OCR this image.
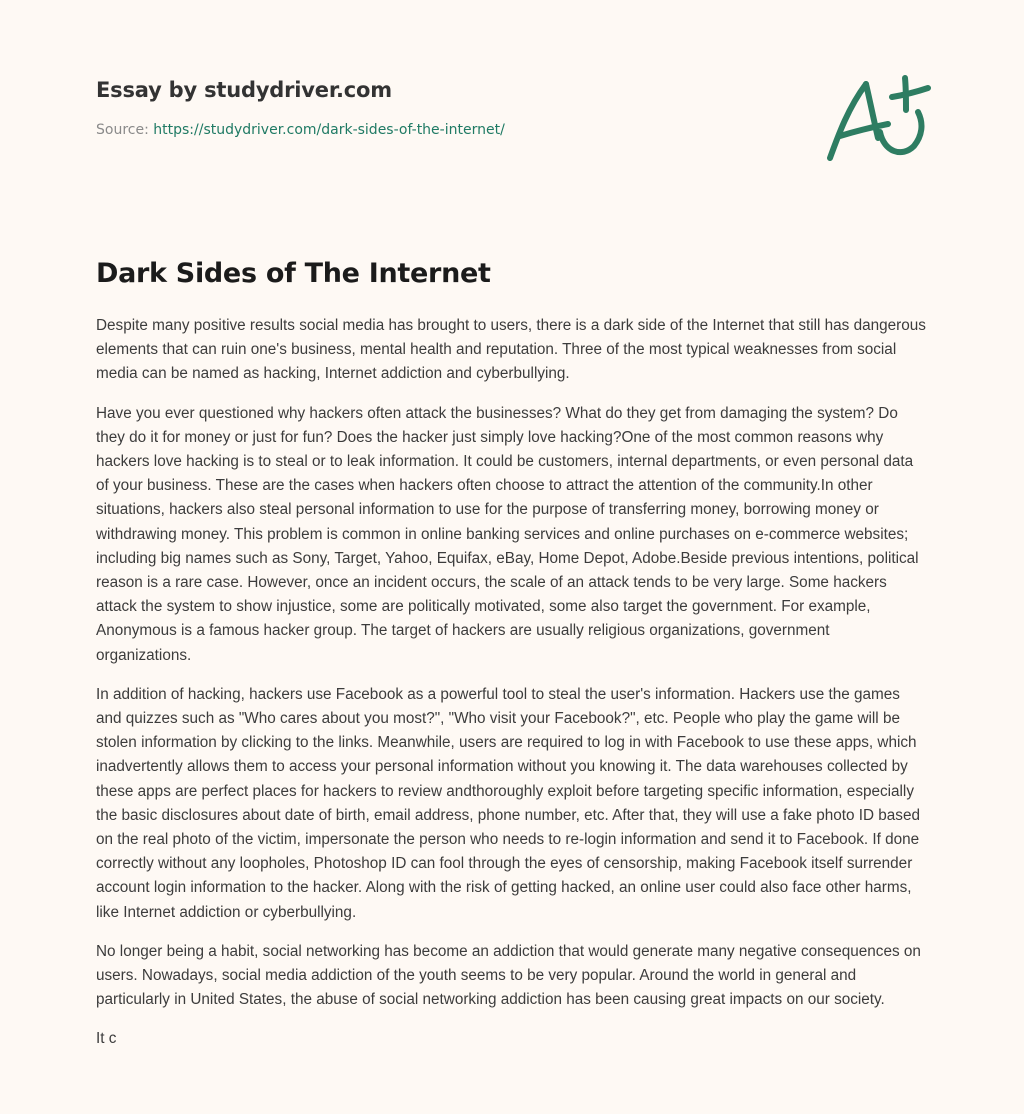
Essay by studydriver.com
Source: https://studydriver.com/dark-sides-of-the-internet/
Dark Sides of The Internet

Despite many positive results social media has brought to users, there is a dark side of the Internet that still has dangerous elements that can ruin one's business, mental health and reputation. Three of the most typical weaknesses from social media can be named as hacking, Internet addiction and cyberbullying.

Have you ever questioned why hackers often attack the businesses? What do they get from damaging the system? Do they do it for money or just for fun? Does the hacker just simply love hacking?One of the most common reasons why hackers love hacking is to steal or to leak information. It could be customers, internal departments, or even personal data of your business. These are the cases when hackers often choose to attract the attention of the community.In other situations, hackers also steal personal information to use for the purpose of transferring money, borrowing money or withdrawing money. This problem is common in online banking services and online purchases on e-commerce websites; including big names such as Sony, Target, Yahoo, Equifax, eBay, Home Depot, Adobe.Beside previous intentions, political reason is a rare case. However, once an incident occurs, the scale of an attack tends to be very large. Some hackers attack the system to show injustice, some are politically motivated, some also target the government. For example, Anonymous is a famous hacker group. The target of hackers are usually religious organizations, government organizations.

In addition of hacking, hackers use Facebook as a powerful tool to steal the user's information. Hackers use the games and quizzes such as "Who cares about you most?", "Who visit your Facebook?", etc. People who play the game will be stolen information by clicking to the links. Meanwhile, users are required to log in with Facebook to use these apps, which inadvertently allows them to access your personal information without you knowing it. The data warehouses collected by these apps are perfect places for hackers to review andthoroughly exploit before targeting specific information, especially the basic disclosures about date of birth, email address, phone number, etc. After that, they will use a fake photo ID based on the real photo of the victim, impersonate the person who needs to re-login information and send it to Facebook. If done correctly without any loopholes, Photoshop ID can fool through the eyes of censorship, making Facebook itself surrender account login information to the hacker. Along with the risk of getting hacked, an online user could also face other harms, like Internet addiction or cyberbullying.

No longer being a habit, social networking has become an addiction that would generate many negative consequences on users. Nowadays, social media addiction of the youth seems to be very popular. Around the world in general and particularly in United States, the abuse of social networking addiction has been causing great impacts on our society.

It c
